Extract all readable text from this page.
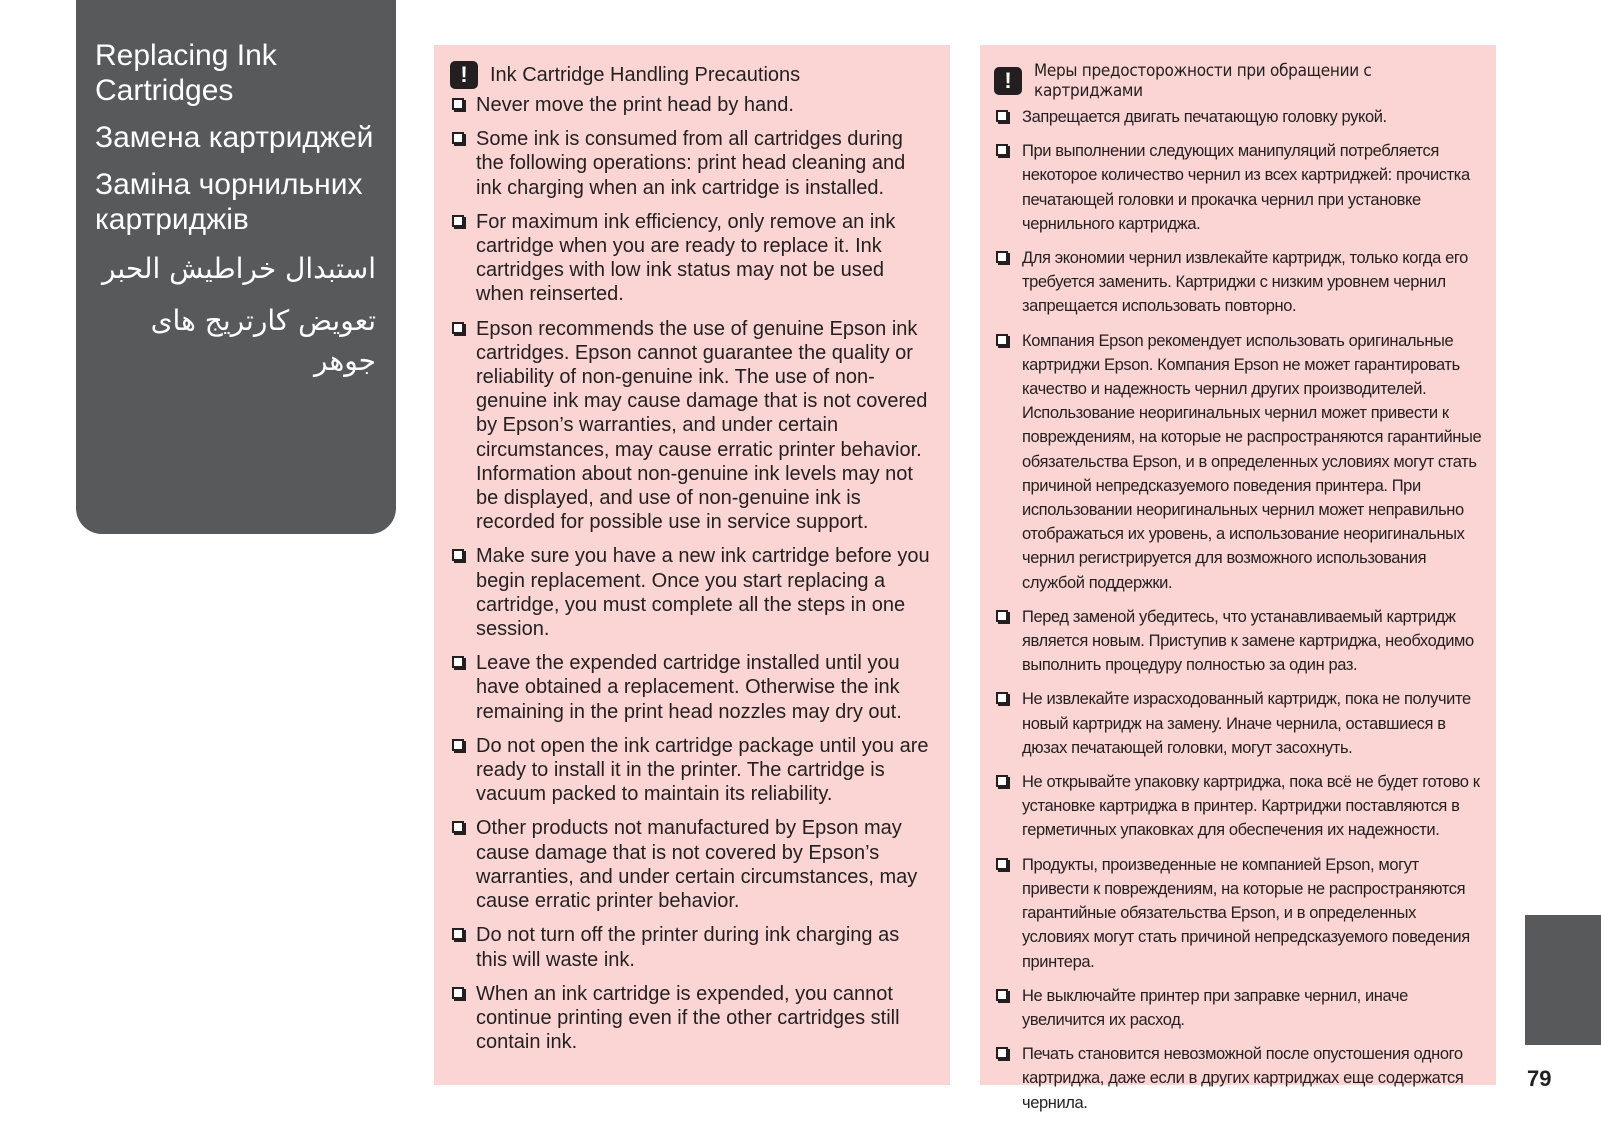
Replacing Ink Cartridges
Замена картриджей
Заміна чорнильних картриджів
استبدال خراطيش الحبر
تعویض کارتریج های جوهر
!	Ink Cartridge Handling Precautions
Never move the print head by hand.
Some ink is consumed from all cartridges during the following operations: print head cleaning and ink charging when an ink cartridge is installed.
For maximum ink efficiency, only remove an ink cartridge when you are ready to replace it. Ink cartridges with low ink status may not be used when reinserted.
Epson recommends the use of genuine Epson ink cartridges. Epson cannot guarantee the quality or reliability of non-genuine ink. The use of non-genuine ink may cause damage that is not covered by Epson’s warranties, and under certain circumstances, may cause erratic printer behavior. Information about non-genuine ink levels may not be displayed, and use of non-genuine ink is recorded for possible use in service support.
Make sure you have a new ink cartridge before you begin replacement. Once you start replacing a cartridge, you must complete all the steps in one session.
Leave the expended cartridge installed until you have obtained a replacement. Otherwise the ink remaining in the print head nozzles may dry out.
Do not open the ink cartridge package until you are ready to install it in the printer. The cartridge is vacuum packed to maintain its reliability.
Other products not manufactured by Epson may cause damage that is not covered by Epson’s warranties, and under certain circumstances, may cause erratic printer behavior.
Do not turn off the printer during ink charging as this will waste ink.
When an ink cartridge is expended, you cannot continue printing even if the other cartridges still contain ink.
!	Меры предосторожности при обращении с картриджами
Запрещается двигать печатающую головку рукой.
При выполнении следующих манипуляций потребляется некоторое количество чернил из всех картриджей: прочистка печатающей головки и прокачка чернил при установке чернильного картриджа.
Для экономии чернил извлекайте картридж, только когда его требуется заменить. Картриджи с низким уровнем чернил запрещается использовать повторно.
Компания Epson рекомендует использовать оригинальные картриджи Epson. Компания Epson не может гарантировать качество и надежность чернил других производителей. Использование неоригинальных чернил может привести к повреждениям, на которые не распространяются гарантийные обязательства Epson, и в определенных условиях могут стать причиной непредсказуемого поведения принтера. При использовании неоригинальных чернил может неправильно отображаться их уровень, а использование неоригинальных чернил регистрируется для возможного использования службой поддержки.
Перед заменой убедитесь, что устанавливаемый картридж является новым. Приступив к замене картриджа, необходимо выполнить процедуру полностью за один раз.
Не извлекайте израсходованный картридж, пока не получите новый картридж на замену. Иначе чернила, оставшиеся в дюзах печатающей головки, могут засохнуть.
Не открывайте упаковку картриджа, пока всё не будет готово к установке картриджа в принтер. Картриджи поставляются в герметичных упаковках для обеспечения их надежности.
Продукты, произведенные не компанией Epson, могут привести к повреждениям, на которые не распространяются гарантийные обязательства Epson, и в определенных условиях могут стать причиной непредсказуемого поведения принтера.
Не выключайте принтер при заправке чернил, иначе увеличится их расход.
Печать становится невозможной после опустошения одного картриджа, даже если в других картриджах еще содержатся чернила.
79
